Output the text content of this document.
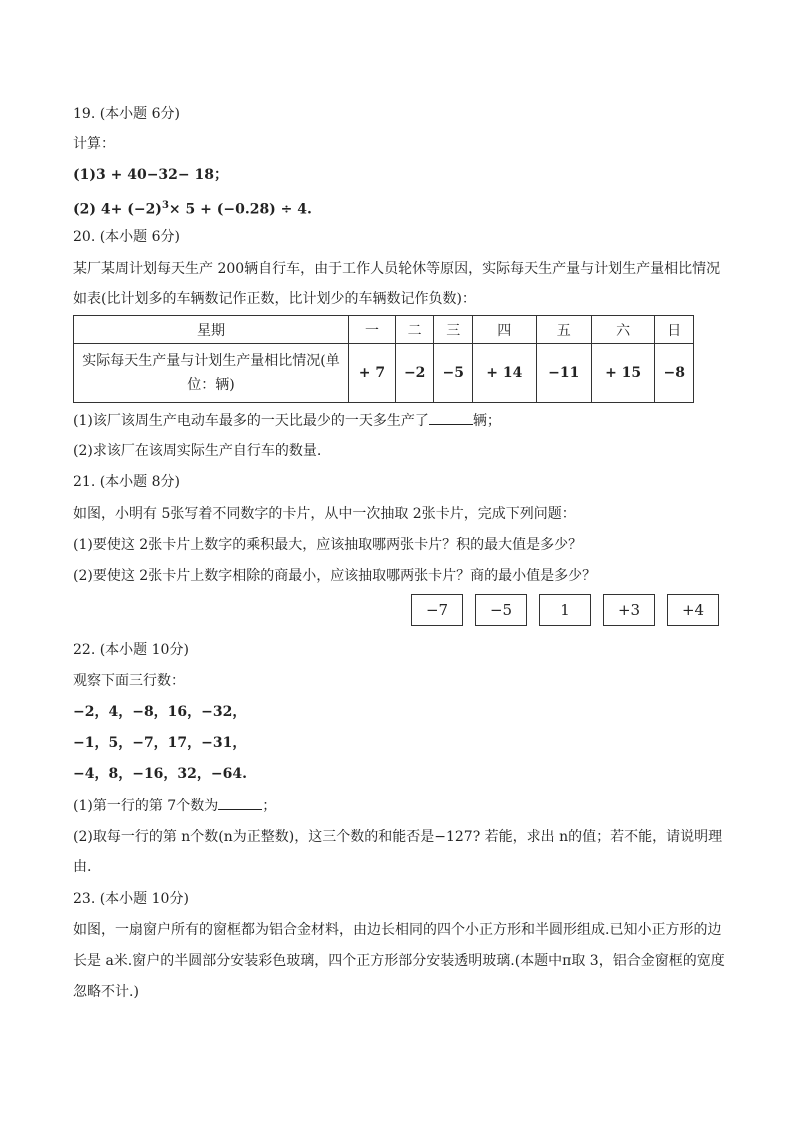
19. (本小题 6分)
计算：
(1)3 + 40−32− 18；
(2) $4+ (-2)^3\times 5 + (-0.28) \div 4$.
20. (本小题 6分)
某厂某周计划每天生产 200辆自行车，由于工作人员轮休等原因，实际每天生产量与计划生产量相比情况
如表(比计划多的车辆数记作正数，比计划少的车辆数记作负数)：
星期	一	二	三	四	五	六	日

实际每天生产量与计划生产量相比情况(单
位：辆)	+ 7	−2	−5	+ 14	−11	+ 15	−8
(1)该厂该周生产电动车最多的一天比最少的一天多生产了	辆；
(2)求该厂在该周实际生产自行车的数量.
21. (本小题 8分)
如图，小明有 5张写着不同数字的卡片，从中一次抽取 2张卡片，完成下列问题：
(1)要使这 2张卡片上数字的乘积最大，应该抽取哪两张卡片？积的最大值是多少？
(2)要使这 2张卡片上数字相除的商最小，应该抽取哪两张卡片？商的最小值是多少？
−7	−5	1	+3	+4
22. (本小题 10分)
观察下面三行数：
−2，4，−8，16，−32，
−1，5，−7，17，−31，
−4，8，−16，32，−64.
(1)第一行的第 7个数为	；
(2)取每一行的第 n个数(n为正整数)，这三个数的和能否是−127? 若能，求出 n的值；若不能，请说明理
由.
23. (本小题 10分)
如图，一扇窗户所有的窗框都为铝合金材料，由边长相同的四个小正方形和半圆形组成.已知小正方形的边
长是 a米.窗户的半圆部分安装彩色玻璃，四个正方形部分安装透明玻璃.(本题中π取 3，铝合金窗框的宽度
忽略不计.)
